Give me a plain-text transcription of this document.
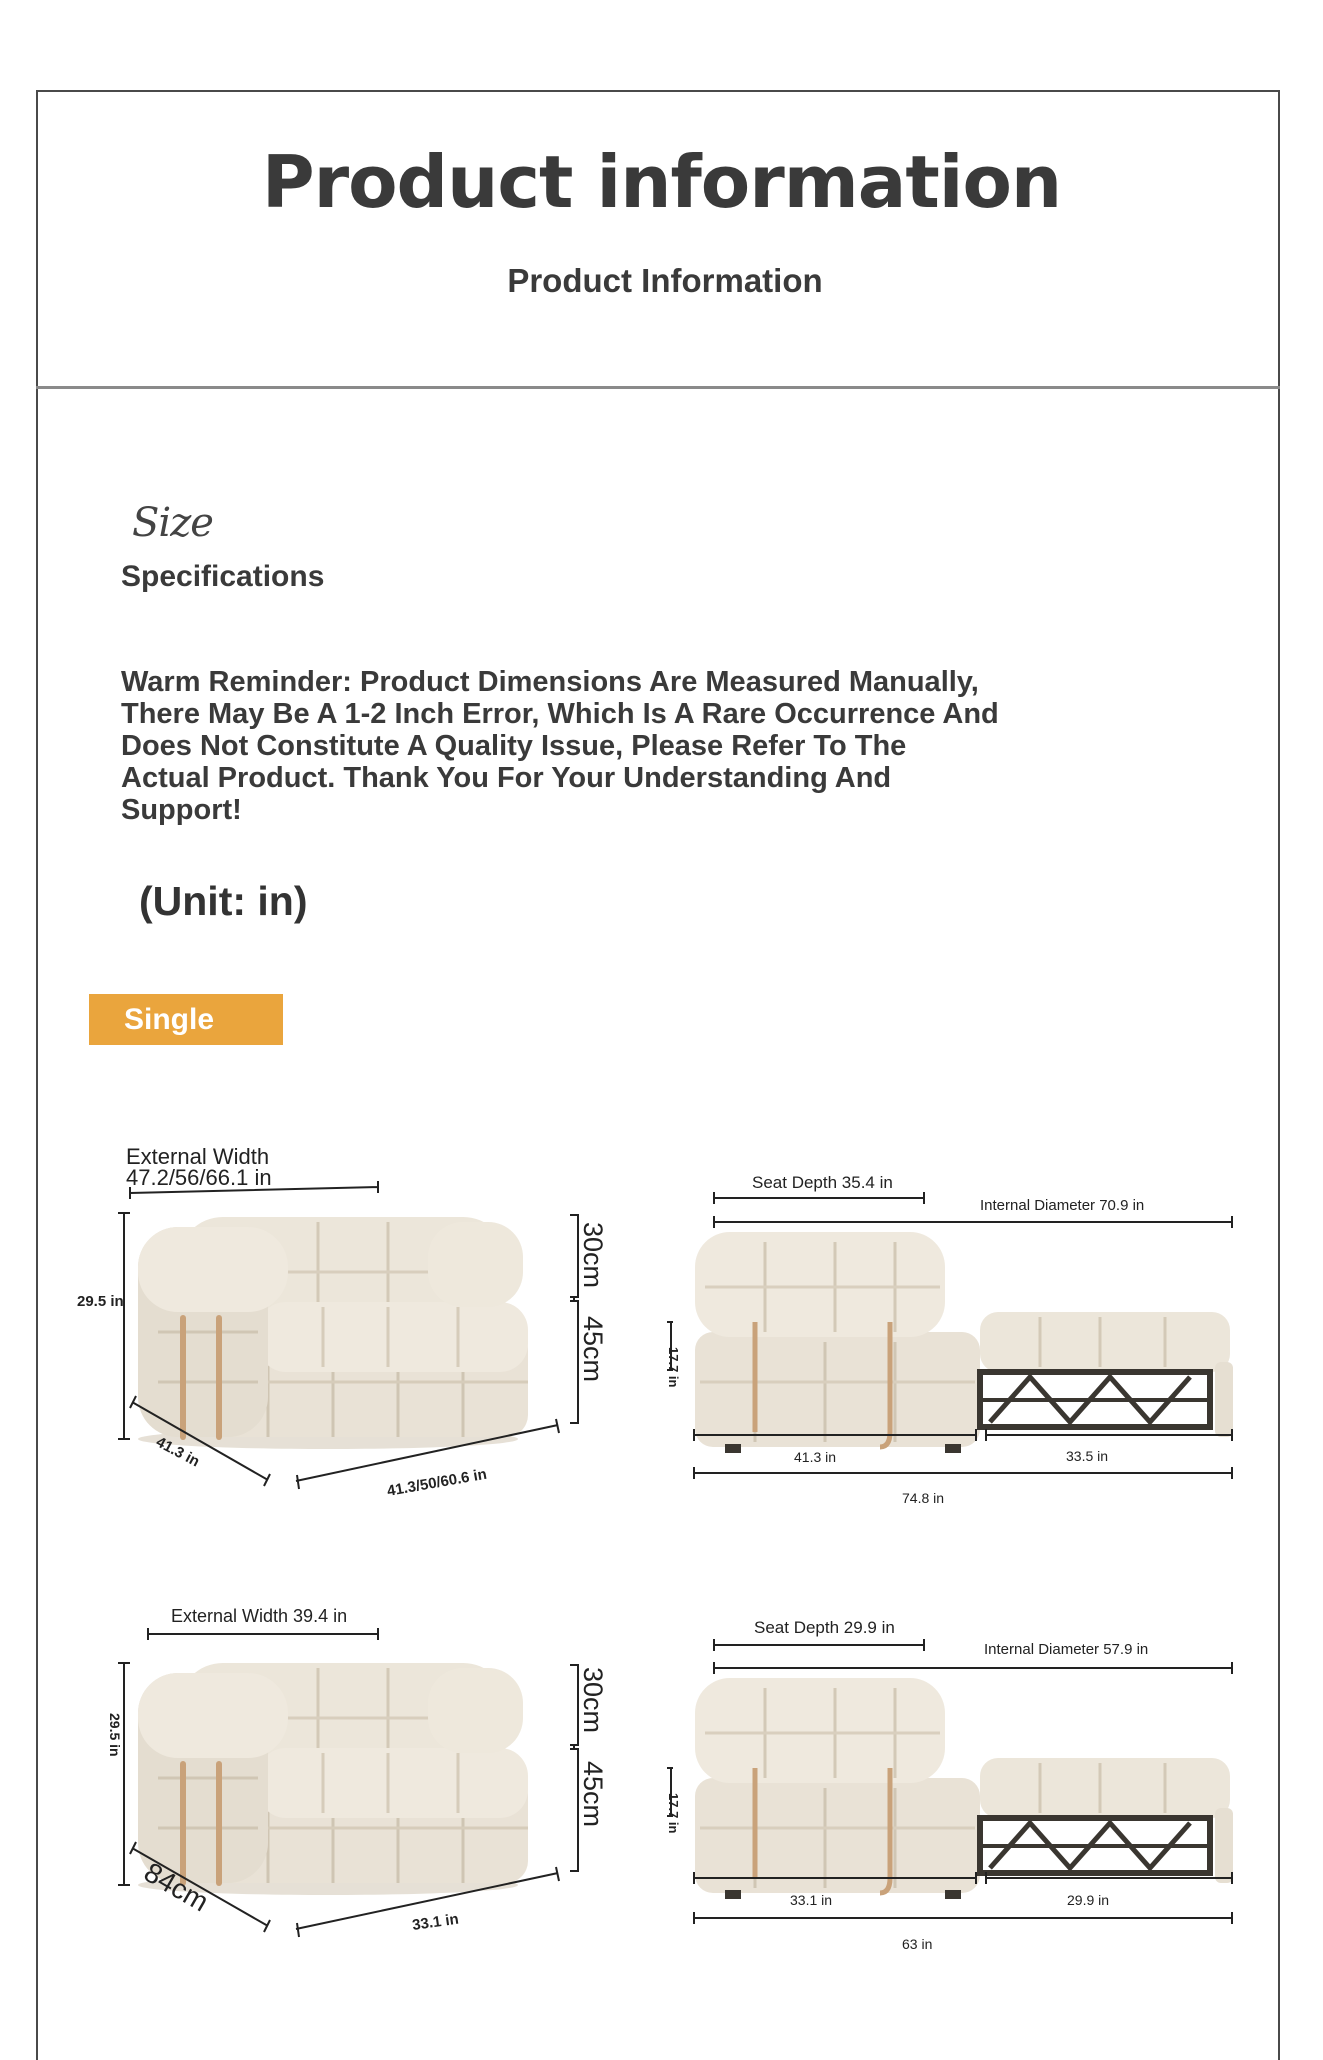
Product information
Product Information
Size
Specifications
Warm Reminder: Product Dimensions Are Measured Manually, There May Be A 1-2 Inch Error, Which Is A Rare Occurrence And Does Not Constitute A Quality Issue, Please Refer To The Actual Product. Thank You For Your Understanding And Support!
(Unit: in)
Single Seat
External Width
47.2/56/66.1 in
29.5 in
41.3 in
41.3/50/60.6 in
30cm
45cm
Seat Depth 35.4 in
Internal Diameter 70.9 in
17.7 in
41.3 in	33.5 in
74.8 in
External Width 39.4 in
29.5 in
84cm
33.1 in
30cm
45cm
Seat Depth 29.9 in
Internal Diameter 57.9 in
17.7 in
33.1 in	29.9 in
63 in
